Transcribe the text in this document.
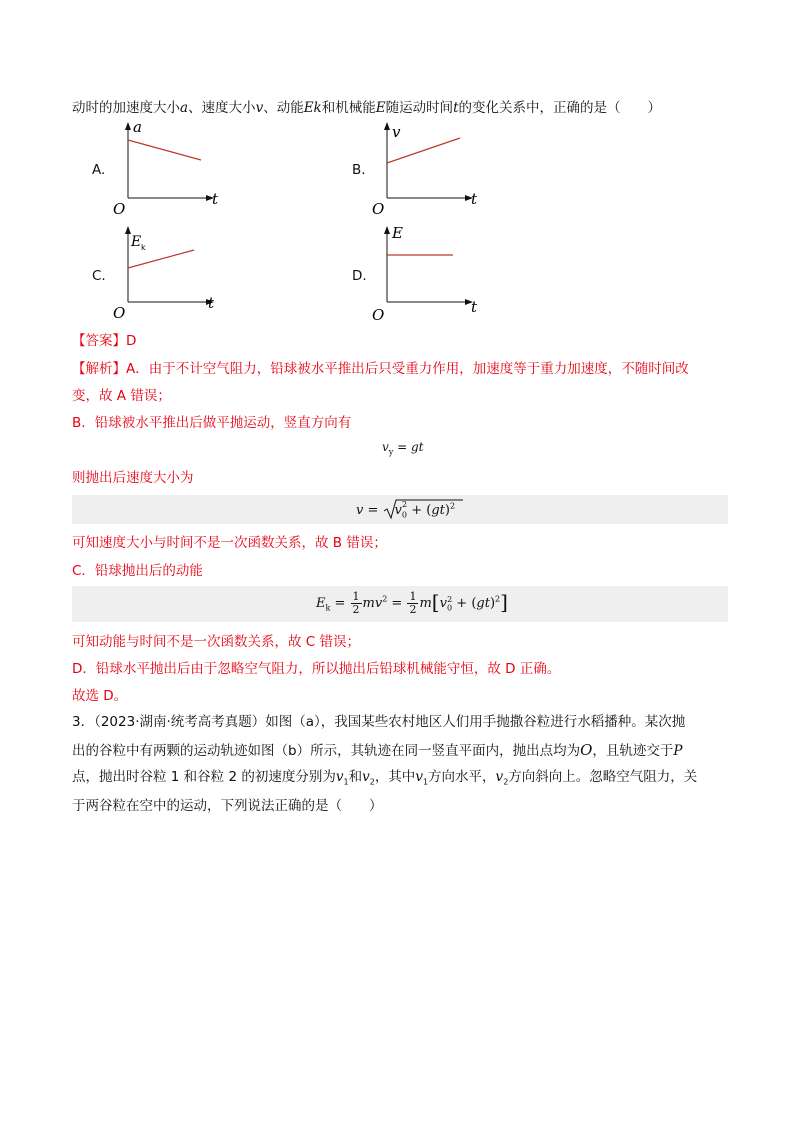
动时的加速度大小a、速度大小v、动能Ek和机械能E随运动时间t的变化关系中，正确的是（　　）
A.	B.
C.	D.
a
t
O
v
t
O
E k
t
O
E
t
O
【答案】D
【解析】A．由于不计空气阻力，铅球被水平推出后只受重力作用，加速度等于重力加速度，不随时间改
变，故 A 错误；
B．铅球被水平推出后做平抛运动，竖直方向有
$v_y$ = gt
则抛出后速度大小为
$v = v_0^2 + (gt)^2$
可知速度大小与时间不是一次函数关系，故 B 错误；
C．铅球抛出后的动能
$E_k = \frac{1}{2} mv^2 = \frac{1}{2} m[v_0^2 + (gt)^2]$
可知动能与时间不是一次函数关系，故 C 错误；
D．铅球水平抛出后由于忽略空气阻力，所以抛出后铅球机械能守恒，故 D 正确。
故选 D。
3．（2023·湖南·统考高考真题）如图（a），我国某些农村地区人们用手抛撒谷粒进行水稻播种。某次抛
出的谷粒中有两颗的运动轨迹如图（b）所示，其轨迹在同一竖直平面内，抛出点均为O，且轨迹交于P
点，抛出时谷粒 1 和谷粒 2 的初速度分别为$v_1$和$v_2$，其中$v_1$方向水平，$v_2$方向斜向上。忽略空气阻力，关
于两谷粒在空中的运动，下列说法正确的是（　　）
